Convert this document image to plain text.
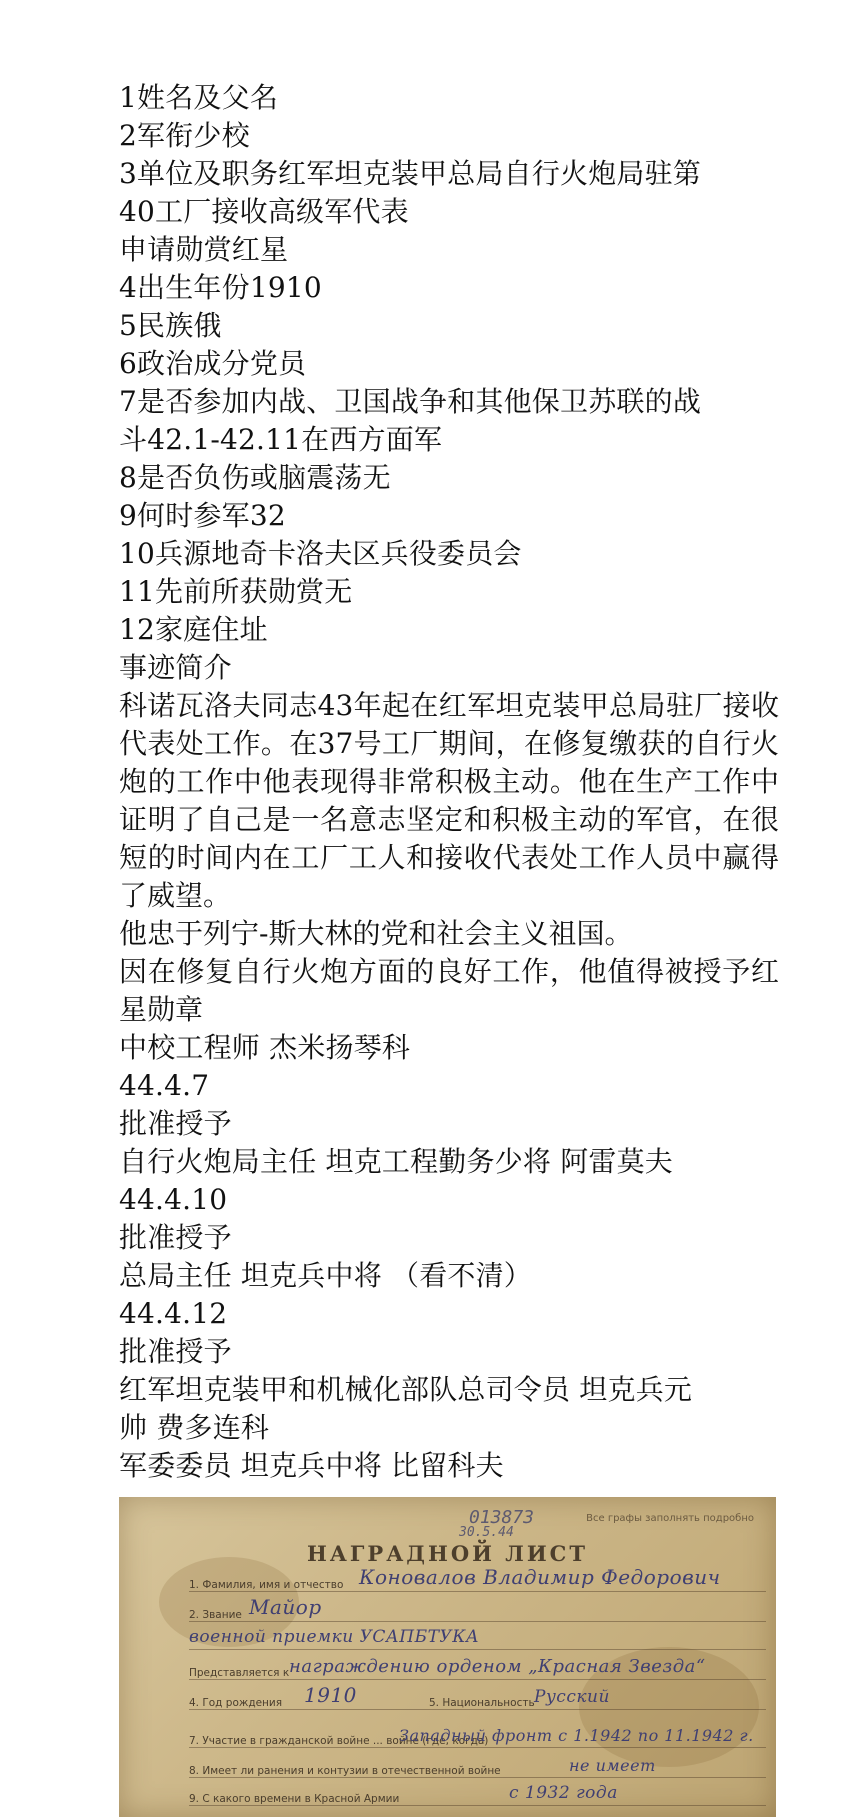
1姓名及父名

2军衔少校

3单位及职务红军坦克装甲总局自行火炮局驻第

40工厂接收高级军代表

申请勋赏红星

4出生年份1910

5民族俄

6政治成分党员

7是否参加内战、卫国战争和其他保卫苏联的战

斗42.1-42.11在西方面军

8是否负伤或脑震荡无

9何时参军32

10兵源地奇卡洛夫区兵役委员会

11先前所获勋赏无

12家庭住址

事迹简介

科诺瓦洛夫同志43年起在红军坦克装甲总局驻厂接收代表处工作。在37号工厂期间，在修复缴获的自行火炮的工作中他表现得非常积极主动。他在生产工作中证明了自己是一名意志坚定和积极主动的军官，在很短的时间内在工厂工人和接收代表处工作人员中赢得了威望。

他忠于列宁-斯大林的党和社会主义祖国。

因在修复自行火炮方面的良好工作，他值得被授予红星勋章

中校工程师 杰米扬琴科

44.4.7

批准授予

自行火炮局主任 坦克工程勤务少将 阿雷莫夫

44.4.10

批准授予

总局主任 坦克兵中将 （看不清）

44.4.12

批准授予

红军坦克装甲和机械化部队总司令员 坦克兵元

帅 费多连科

军委委员 坦克兵中将 比留科夫

013873
30.5.44
Все графы заполнять подробно
НАГРАДНОЙ ЛИСТ
1. Фамилия, имя и отчество Коновалов Владимир Федорович
2. Звание Майор
военной приемки УСАПБТУКА
Представляется к награждению орденом „Красная Звезда“
4. Год рождения 1910	5. Национальность Русский
7. Участие в гражданской войне ... войне (где, когда)
Западный фронт с 1.1942 по 11.1942 г.
8. Имеет ли ранения и контузии в отечественной войне	не имеет
9. С какого времени в Красной Армии	с 1932 года
